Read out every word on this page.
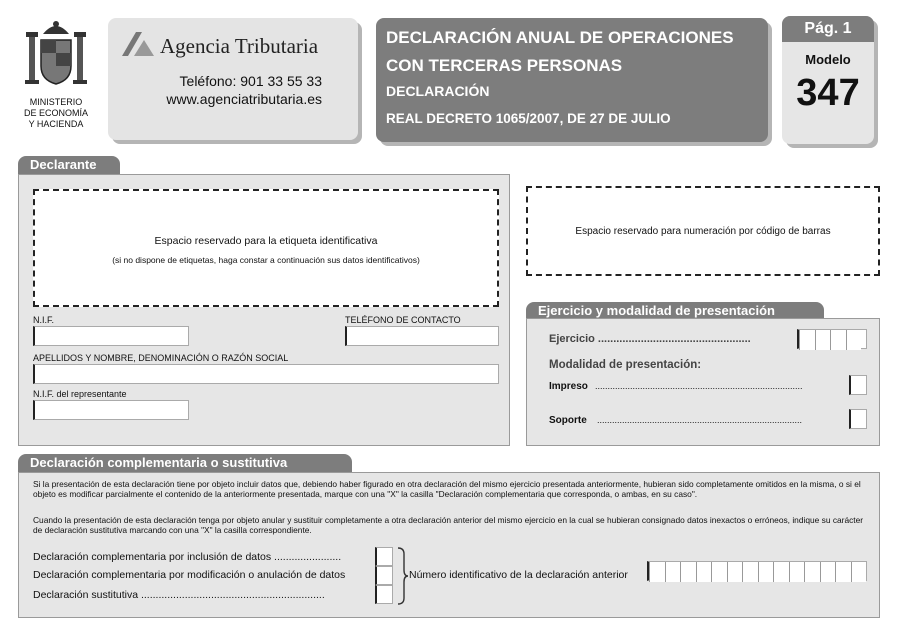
MINISTERIO
DE ECONOMÍA
Y HACIENDA
Agencia Tributaria
Teléfono: 901 33 55 33
www.agenciatributaria.es
DECLARACIÓN ANUAL DE OPERACIONES
CON TERCERAS PERSONAS
DECLARACIÓN
REAL DECRETO 1065/2007, DE 27 DE JULIO
Pág. 1
Modelo
347
Declarante
Espacio reservado para la etiqueta identificativa
(si no dispone de etiquetas, haga constar a continuación sus datos identificativos)
N.I.F.	TELÉFONO DE CONTACTO
APELLIDOS Y NOMBRE, DENOMINACIÓN O RAZÓN SOCIAL
N.I.F. del representante
Espacio reservado para numeración por código de barras
Ejercicio y modalidad de presentación
Ejercicio ..................................................
Modalidad de presentación:
Impreso ...................................................................................
Soporte ..................................................................................
Declaración complementaria o sustitutiva
Si la presentación de esta declaración tiene por objeto incluir datos que, debiendo haber figurado en otra declaración del mismo ejercicio presentada anteriormente, hubieran sido completamente omitidos en la misma, o si el objeto es modificar parcialmente el contenido de la anteriormente presentada, marque con una "X" la casilla "Declaración complementaria que corresponda, o ambas, en su caso".
Cuando la presentación de esta declaración tenga por objeto anular y sustituir completamente a otra declaración anterior del mismo ejercicio en la cual se hubieran consignado datos inexactos o erróneos, indique su carácter de declaración sustitutiva marcando con una "X" la casilla correspondiente.
Declaración complementaria por inclusión de datos .......................
Declaración complementaria por modificación o anulación de datos
Declaración sustitutiva ...............................................................
Número identificativo de la declaración anterior
